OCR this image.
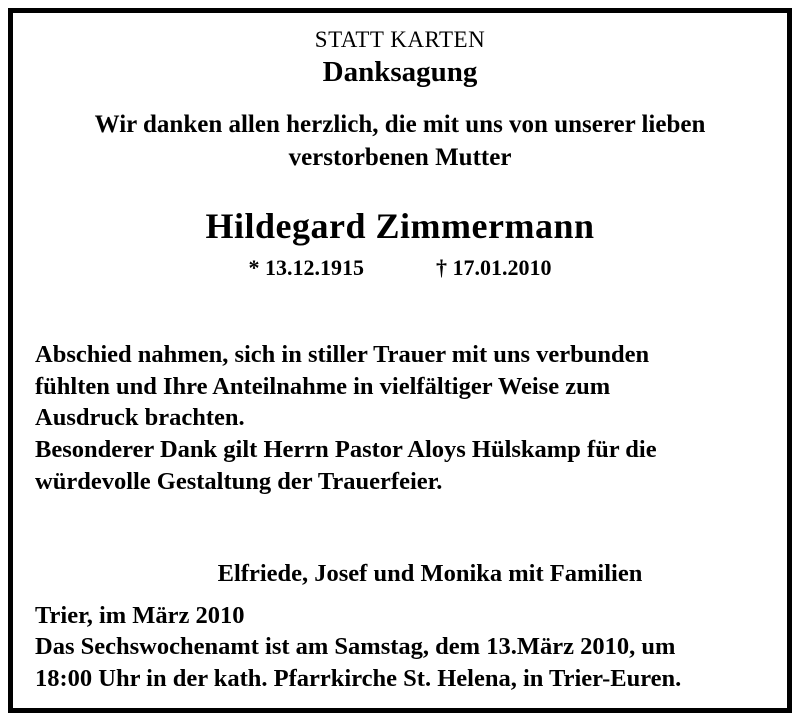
STATT KARTEN
Danksagung
Wir danken allen herzlich, die mit uns von unserer lieben
verstorbenen Mutter
Hildegard Zimmermann
* 13.12.1915	† 17.01.2010

Abschied nahmen, sich in stiller Trauer mit uns verbunden

fühlten und Ihre Anteilnahme in vielfältiger Weise zum

Ausdruck brachten.

Besonderer Dank gilt Herrn Pastor Aloys Hülskamp für die

würdevolle Gestaltung der Trauerfeier.

Elfriede, Josef und Monika mit Familien

Trier, im März 2010

Das Sechswochenamt ist am Samstag, dem 13.März 2010, um

18:00 Uhr in der kath. Pfarrkirche St. Helena, in Trier-Euren.
